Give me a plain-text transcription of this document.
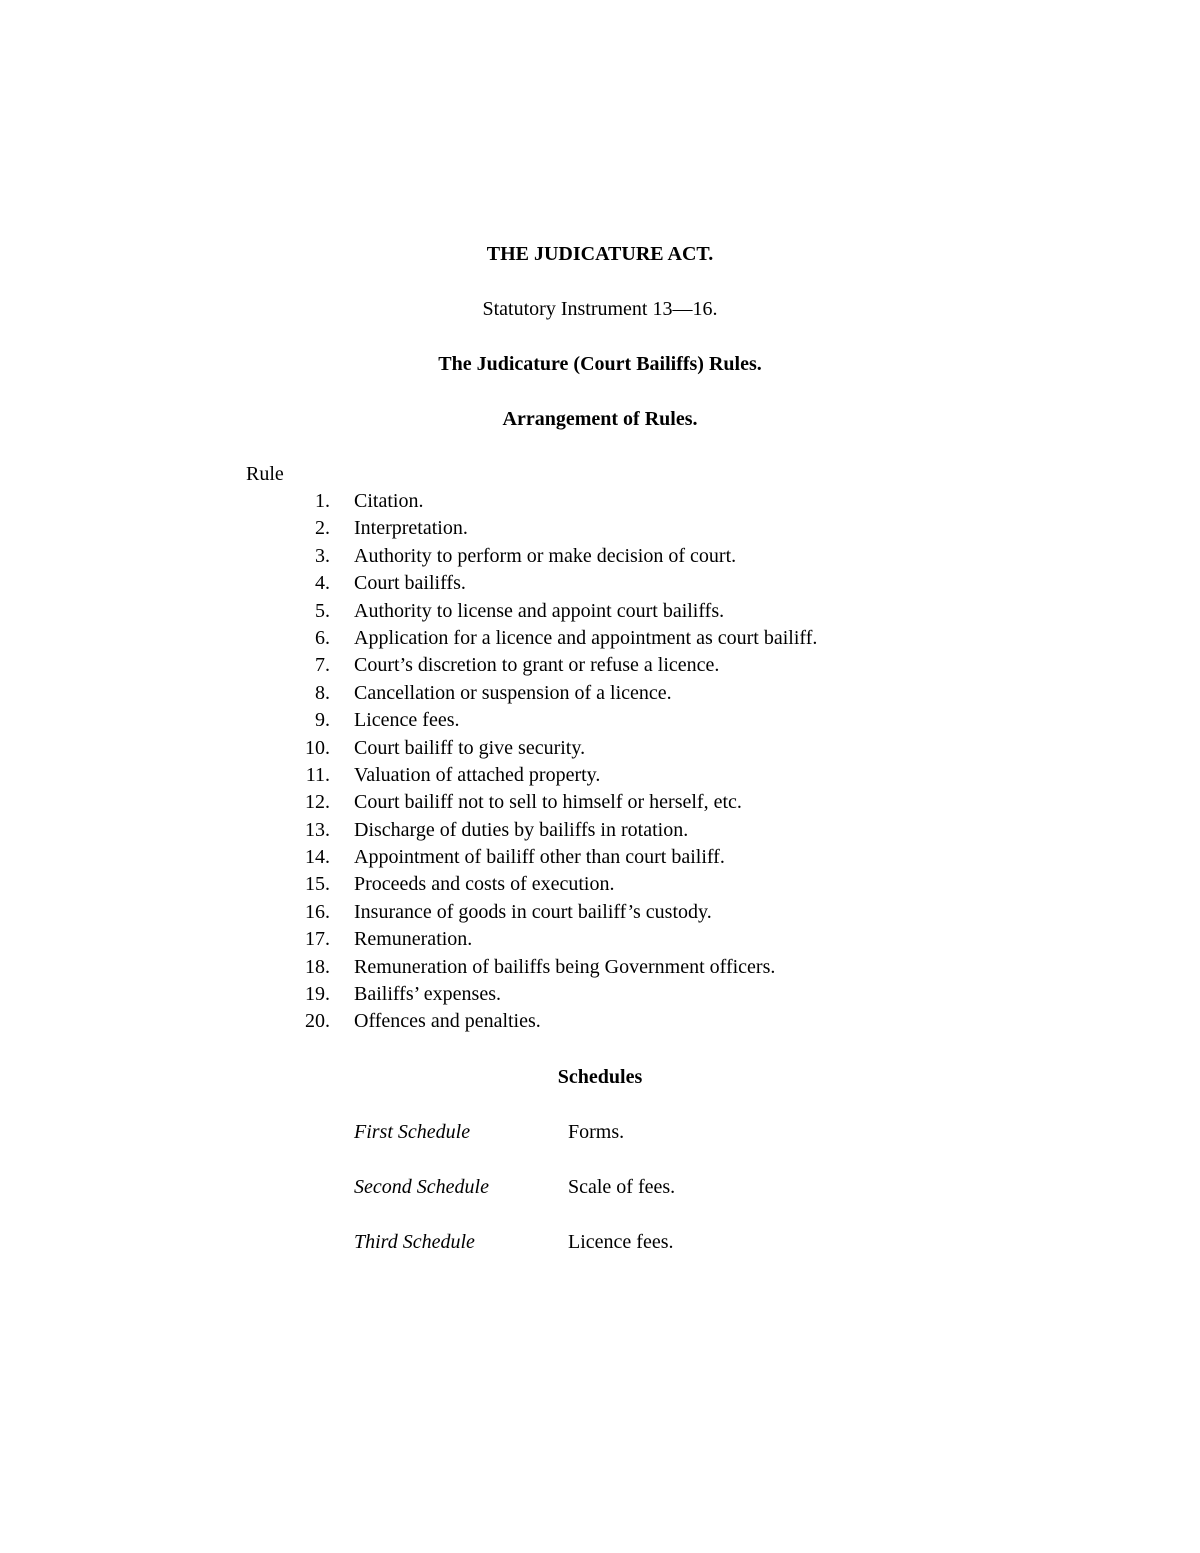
THE JUDICATURE ACT.
Statutory Instrument 13—16.
The Judicature (Court Bailiffs) Rules.
Arrangement of Rules.
Rule
1. Citation.
2. Interpretation.
3. Authority to perform or make decision of court.
4. Court bailiffs.
5. Authority to license and appoint court bailiffs.
6. Application for a licence and appointment as court bailiff.
7. Court’s discretion to grant or refuse a licence.
8. Cancellation or suspension of a licence.
9. Licence fees.
10. Court bailiff to give security.
11. Valuation of attached property.
12. Court bailiff not to sell to himself or herself, etc.
13. Discharge of duties by bailiffs in rotation.
14. Appointment of bailiff other than court bailiff.
15. Proceeds and costs of execution.
16. Insurance of goods in court bailiff’s custody.
17. Remuneration.
18. Remuneration of bailiffs being Government officers.
19. Bailiffs’ expenses.
20. Offences and penalties.
Schedules
First Schedule	Forms.
Second Schedule	Scale of fees.
Third Schedule	Licence fees.
